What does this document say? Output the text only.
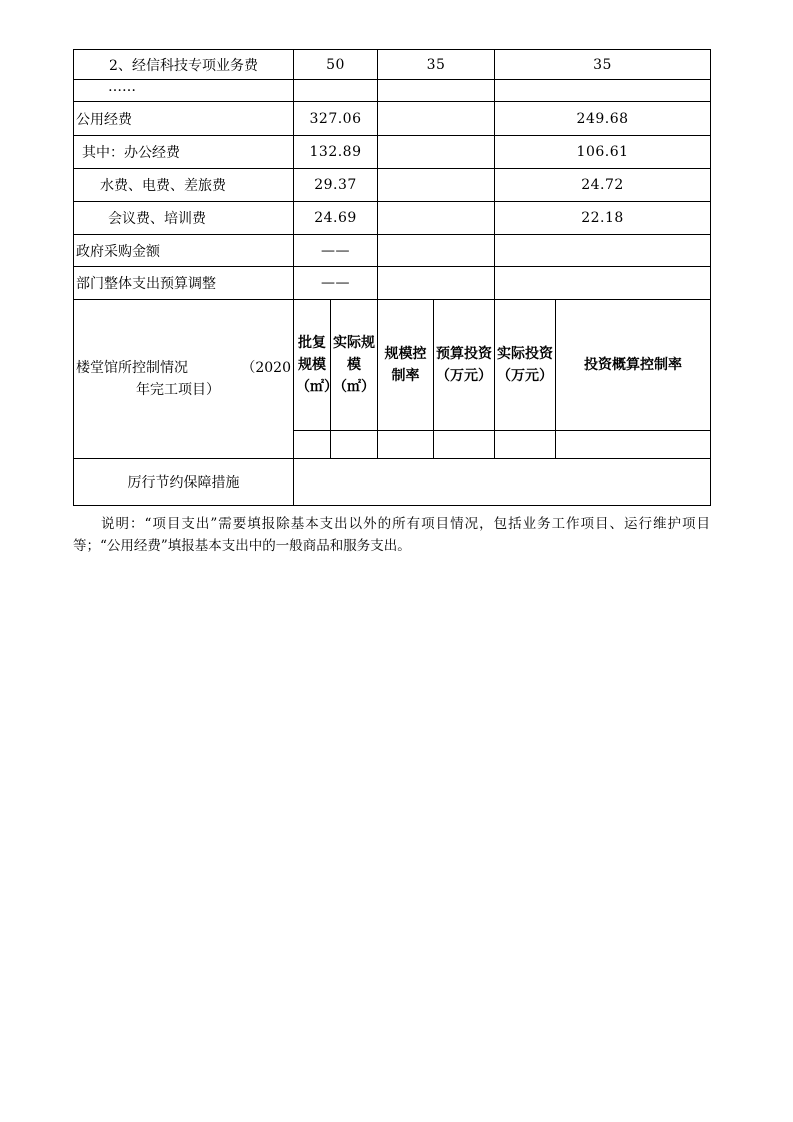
2、经信科技专项业务费	50		35		35	
……						
公用经费	327.06				249.68	
其中：办公经费	132.89				106.61	
水费、电费、差旅费	29.37				24.72	
会议费、培训费	24.69				22.18	
政府采购金额	——					
部门整体支出预算调整	——					

楼堂馆所控制情况 （2020
年完工项目）	批复规模（㎡）	实际规模（㎡）	规模控制率	预算投资（万元）	实际投资（万元）	投资概算控制率

厉行节约保障措施						
说明：“项目支出”需要填报除基本支出以外的所有项目情况，包括业务工作项目、运行维护项目等；“公用经费”填报基本支出中的一般商品和服务支出。
